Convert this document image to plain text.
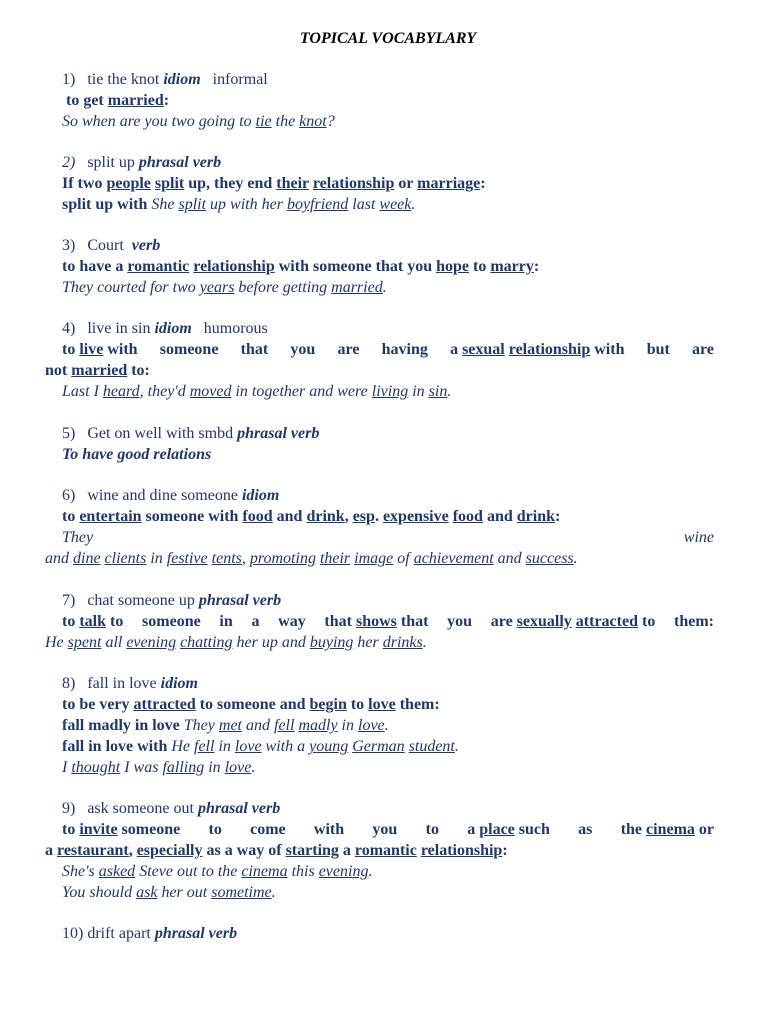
TOPICAL VOCABYLARY
1) tie the knot idiom informal
to get married:
So when are you two going to tie the knot?
2) split up phrasal verb
If two people split up, they end their relationship or marriage:
split up with She split up with her boyfriend last week.
3) Court verb
to have a romantic relationship with someone that you hope to marry:
They courted for two years before getting married.
4) live in sin idiom humorous
to live with someone that you are having a sexual relationship with but are
not married to:
Last I heard, they'd moved in together and were living in sin.
5) Get on well with smbd phrasal verb
To have good relations
6) wine and dine someone idiom
to entertain someone with food and drink, esp. expensive food and drink:
They	wine
and dine clients in festive tents, promoting their image of achievement and success.
7) chat someone up phrasal verb
to talk to someone in a way that shows that you are sexually attracted to them:
He spent all evening chatting her up and buying her drinks.
8) fall in love idiom
to be very attracted to someone and begin to love them:
fall madly in love They met and fell madly in love.
fall in love with He fell in love with a young German student.
I thought I was falling in love.
9) ask someone out phrasal verb
to invite someone to come with you to a place such as the cinema or
a restaurant, especially as a way of starting a romantic relationship:
She's asked Steve out to the cinema this evening.
You should ask her out sometime.
10) drift apart phrasal verb
